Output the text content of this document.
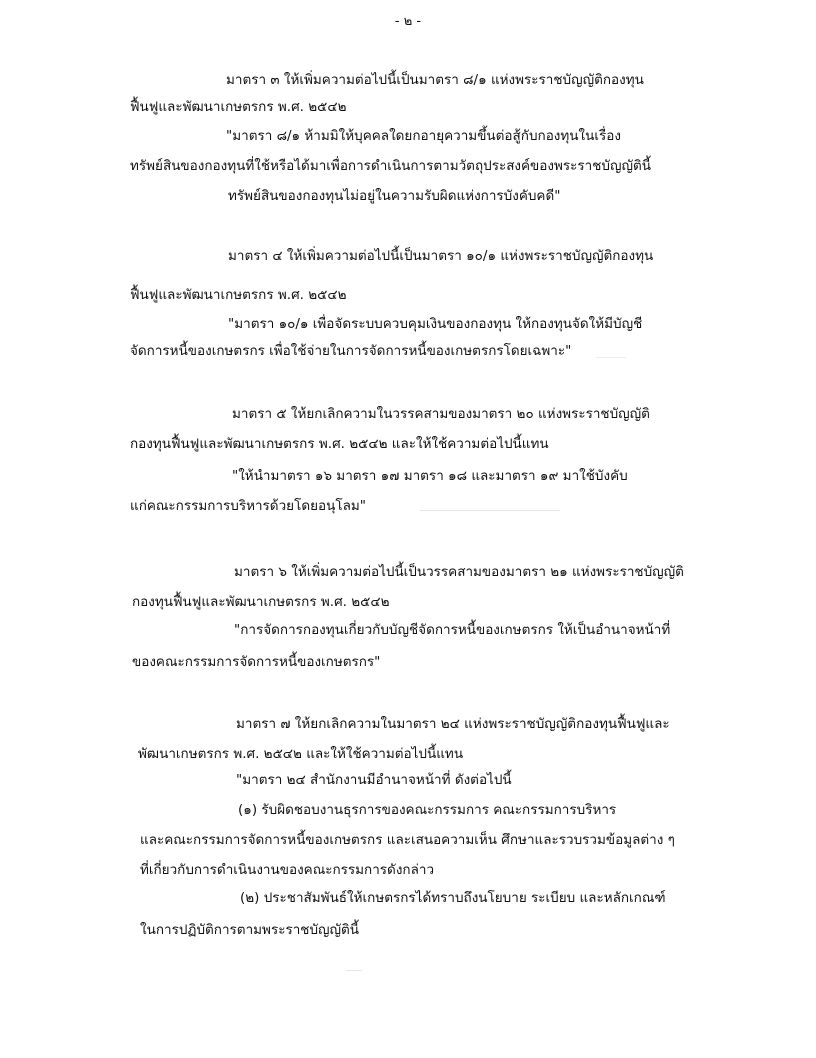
- ๒ -
มาตรา ๓ ให้เพิ่มความต่อไปนี้เป็นมาตรา ๘/๑ แห่งพระราชบัญญัติกองทุน
ฟื้นฟูและพัฒนาเกษตรกร พ.ศ. ๒๕๔๒
"มาตรา ๘/๑ ห้ามมิให้บุคคลใดยกอายุความขึ้นต่อสู้กับกองทุนในเรื่อง
ทรัพย์สินของกองทุนที่ใช้หรือได้มาเพื่อการดำเนินการตามวัตถุประสงค์ของพระราชบัญญัตินี้
ทรัพย์สินของกองทุนไม่อยู่ในความรับผิดแห่งการบังคับคดี"
มาตรา ๔ ให้เพิ่มความต่อไปนี้เป็นมาตรา ๑๐/๑ แห่งพระราชบัญญัติกองทุน
ฟื้นฟูและพัฒนาเกษตรกร พ.ศ. ๒๕๔๒
"มาตรา ๑๐/๑ เพื่อจัดระบบควบคุมเงินของกองทุน ให้กองทุนจัดให้มีบัญชี
จัดการหนี้ของเกษตรกร เพื่อใช้จ่ายในการจัดการหนี้ของเกษตรกรโดยเฉพาะ"
มาตรา ๕ ให้ยกเลิกความในวรรคสามของมาตรา ๒๐ แห่งพระราชบัญญัติ
กองทุนฟื้นฟูและพัฒนาเกษตรกร พ.ศ. ๒๕๔๒ และให้ใช้ความต่อไปนี้แทน
"ให้นำมาตรา ๑๖ มาตรา ๑๗ มาตรา ๑๘ และมาตรา ๑๙ มาใช้บังคับ
แก่คณะกรรมการบริหารด้วยโดยอนุโลม"
มาตรา ๖ ให้เพิ่มความต่อไปนี้เป็นวรรคสามของมาตรา ๒๑ แห่งพระราชบัญญัติ
กองทุนฟื้นฟูและพัฒนาเกษตรกร พ.ศ. ๒๕๔๒
"การจัดการกองทุนเกี่ยวกับบัญชีจัดการหนี้ของเกษตรกร ให้เป็นอำนาจหน้าที่
ของคณะกรรมการจัดการหนี้ของเกษตรกร"
มาตรา ๗ ให้ยกเลิกความในมาตรา ๒๔ แห่งพระราชบัญญัติกองทุนฟื้นฟูและ
พัฒนาเกษตรกร พ.ศ. ๒๕๔๒ และให้ใช้ความต่อไปนี้แทน
"มาตรา ๒๔ สำนักงานมีอำนาจหน้าที่ ดังต่อไปนี้
(๑) รับผิดชอบงานธุรการของคณะกรรมการ คณะกรรมการบริหาร
และคณะกรรมการจัดการหนี้ของเกษตรกร และเสนอความเห็น ศึกษาและรวบรวมข้อมูลต่าง ๆ
ที่เกี่ยวกับการดำเนินงานของคณะกรรมการดังกล่าว
(๒) ประชาสัมพันธ์ให้เกษตรกรได้ทราบถึงนโยบาย ระเบียบ และหลักเกณฑ์
ในการปฏิบัติการตามพระราชบัญญัตินี้
